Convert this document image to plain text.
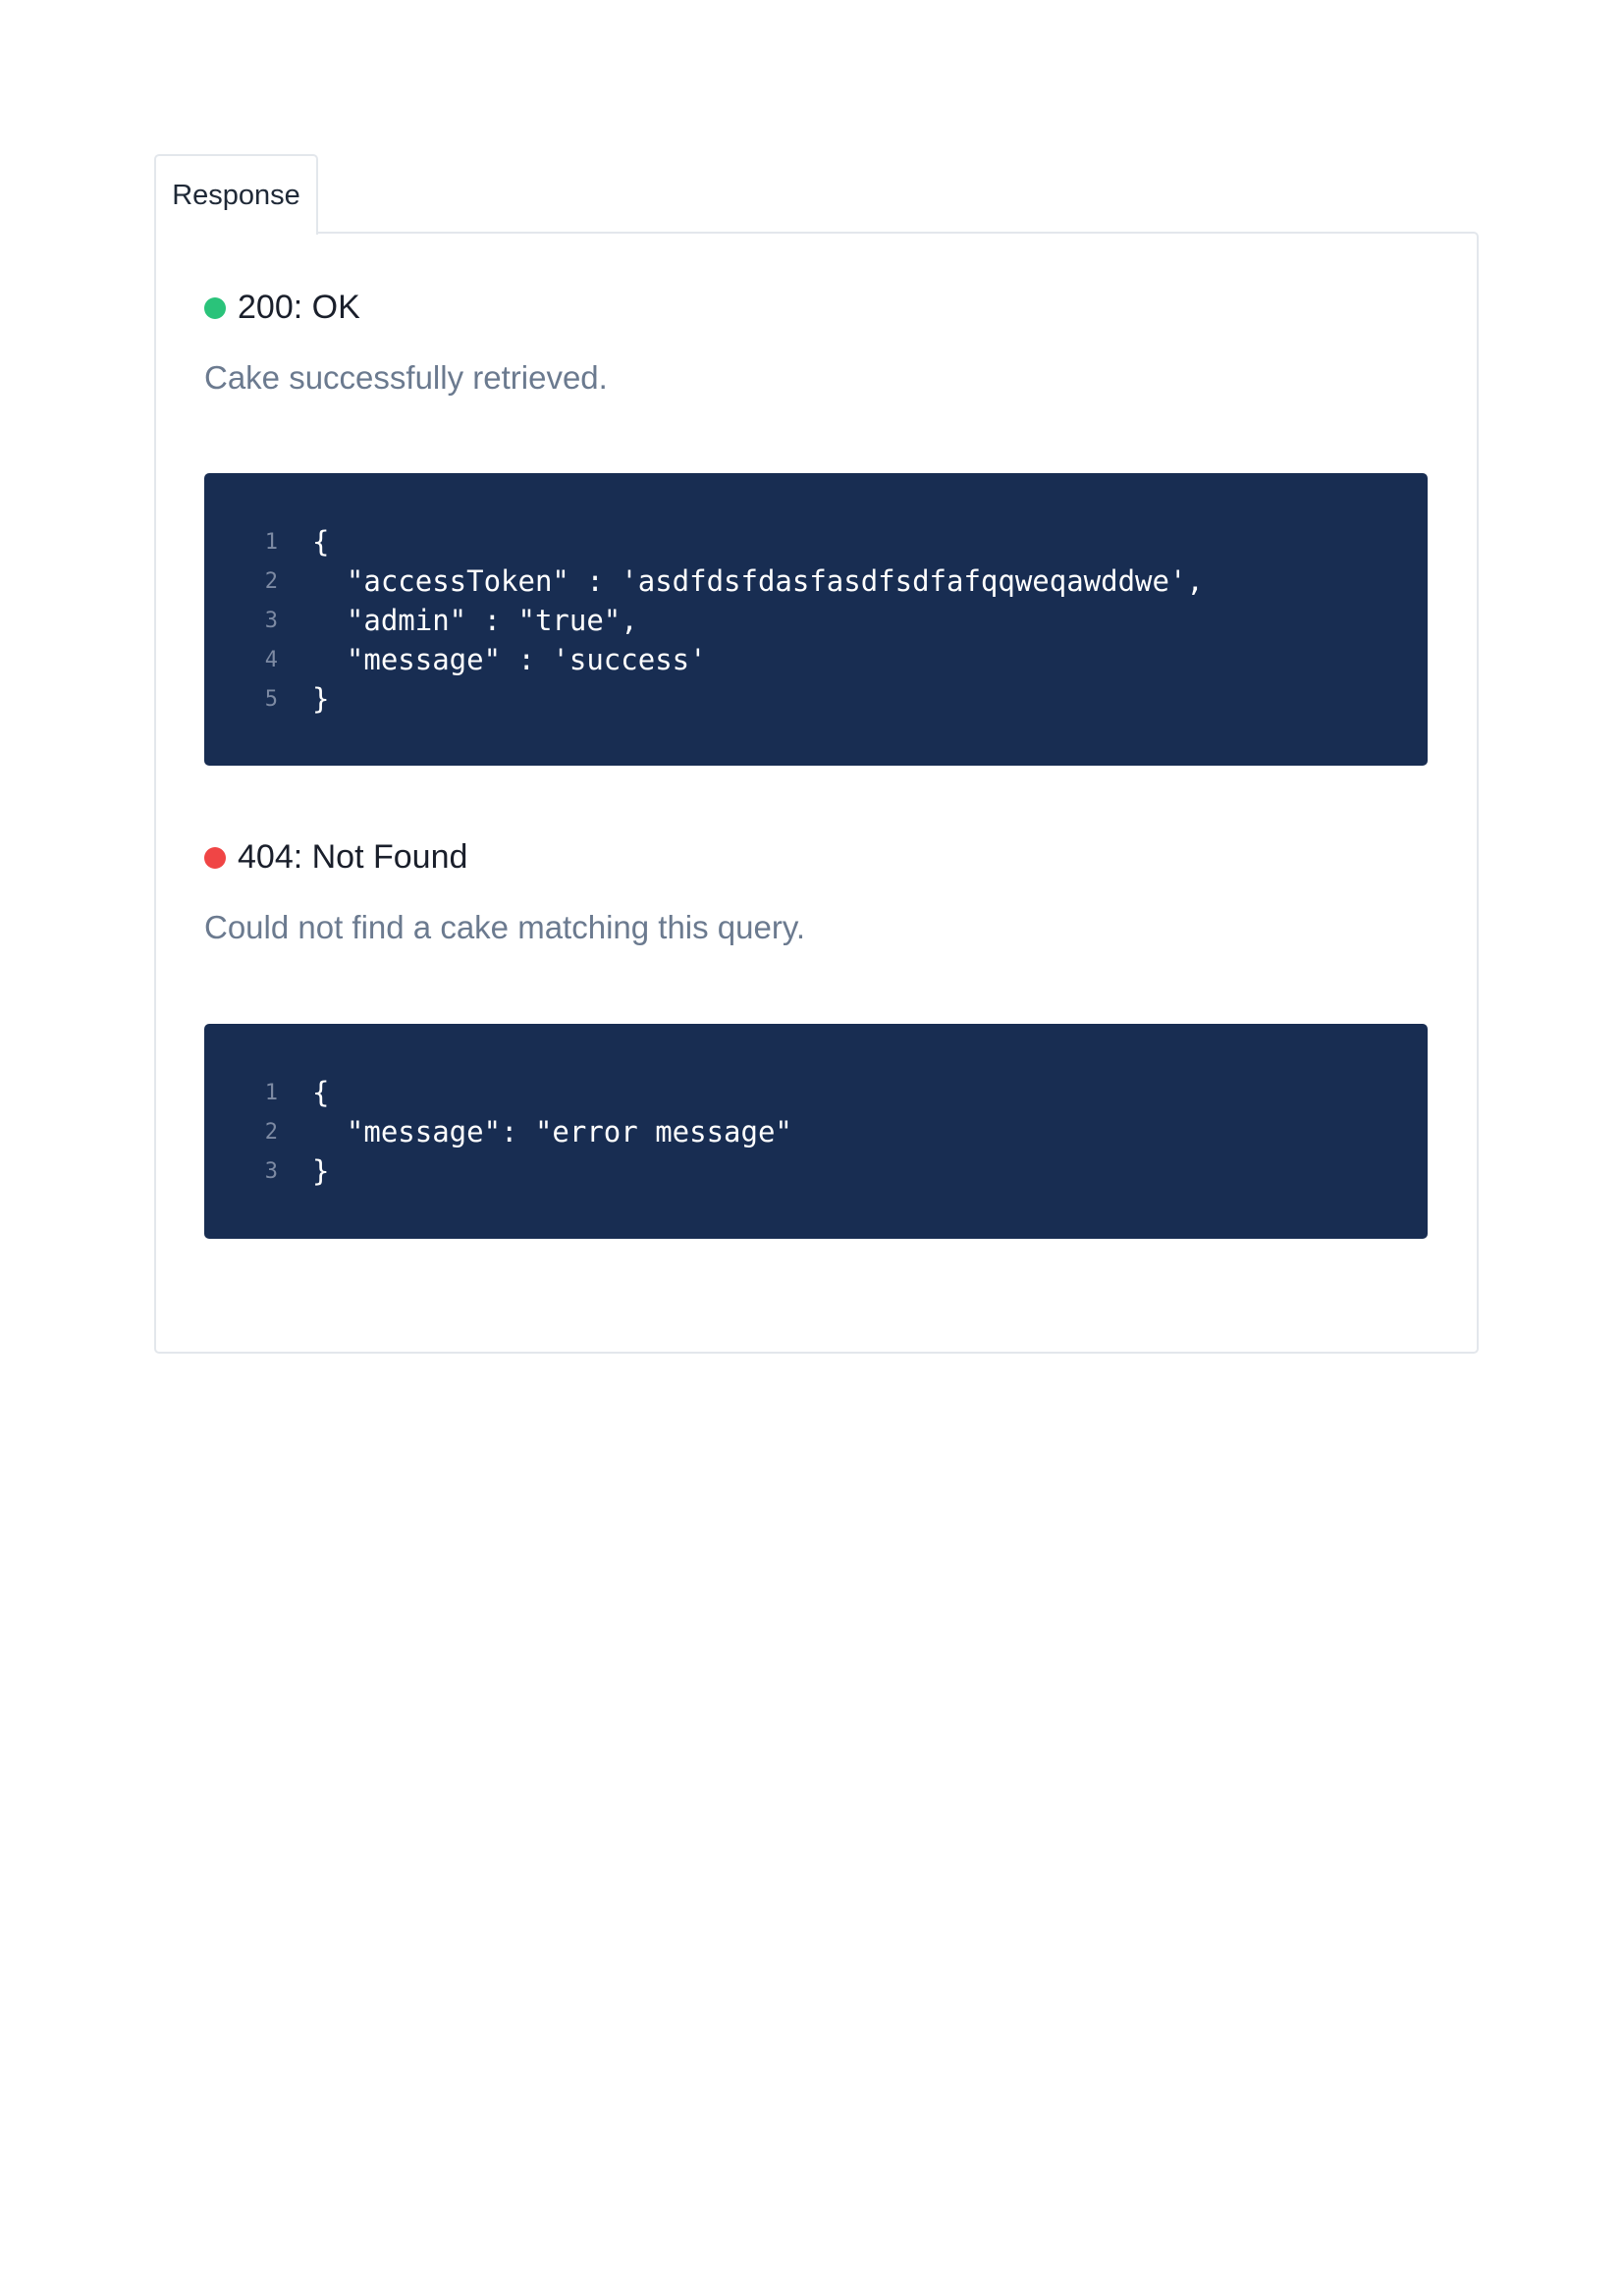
Response
200: OK
Cake successfully retrieved.
1 {
2 "accessToken" : 'asdfdsfdasfasdfsdfafqqweqawddwe',
3 "admin" : "true",
4 "message" : 'success'
5 }
404: Not Found
Could not find a cake matching this query.
1 {
2 "message": "error message"
3 }
